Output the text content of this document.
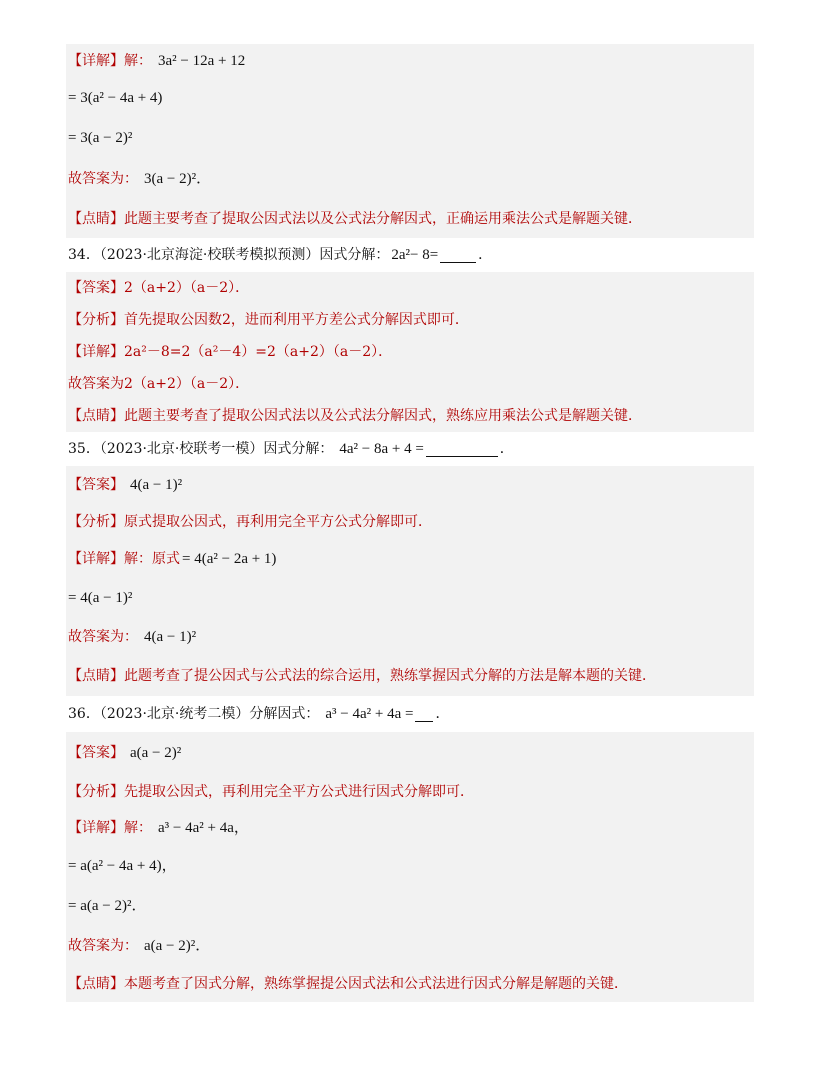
【详解】 解： 3a² − 12a + 12
= 3(a² − 4a + 4)
= 3(a − 2)²
故答案为： 3(a − 2)²．
【点睛】 此题主要考查了提取公因式法以及公式法分解因式，正确运用乘法公式是解题关键．
34．（2023·北京海淀·校联考模拟预测）因式分解： 2a²− 8=	．
【答案】 2（a+2）（a－2）．
【分析】 首先提取公因数2，进而利用平方差公式分解因式即可．
【详解】 2a²－8=2（a²－4）=2（a+2）（a－2）．
故答案为2（a+2）（a－2）．
【点睛】 此题主要考查了提取公因式法以及公式法分解因式，熟练应用乘法公式是解题关键．
35．（2023·北京·校联考一模）因式分解： 4a² − 8a + 4 =	．
【答案】 4(a − 1)²
【分析】 原式提取公因式，再利用完全平方公式分解即可．
【详解】 解：原式 = 4(a² − 2a + 1)
= 4(a − 1)²
故答案为： 4(a − 1)²
【点睛】 此题考查了提公因式与公式法的综合运用，熟练掌握因式分解的方法是解本题的关键．
36．（2023·北京·统考二模）分解因式： a³ − 4a² + 4a = ．
【答案】 a(a − 2)²
【分析】 先提取公因式，再利用完全平方公式进行因式分解即可．
【详解】 解： a³ − 4a² + 4a，
= a(a² − 4a + 4)，
= a(a − 2)²．
故答案为： a(a − 2)²．
【点睛】 本题考查了因式分解，熟练掌握提公因式法和公式法进行因式分解是解题的关键．
